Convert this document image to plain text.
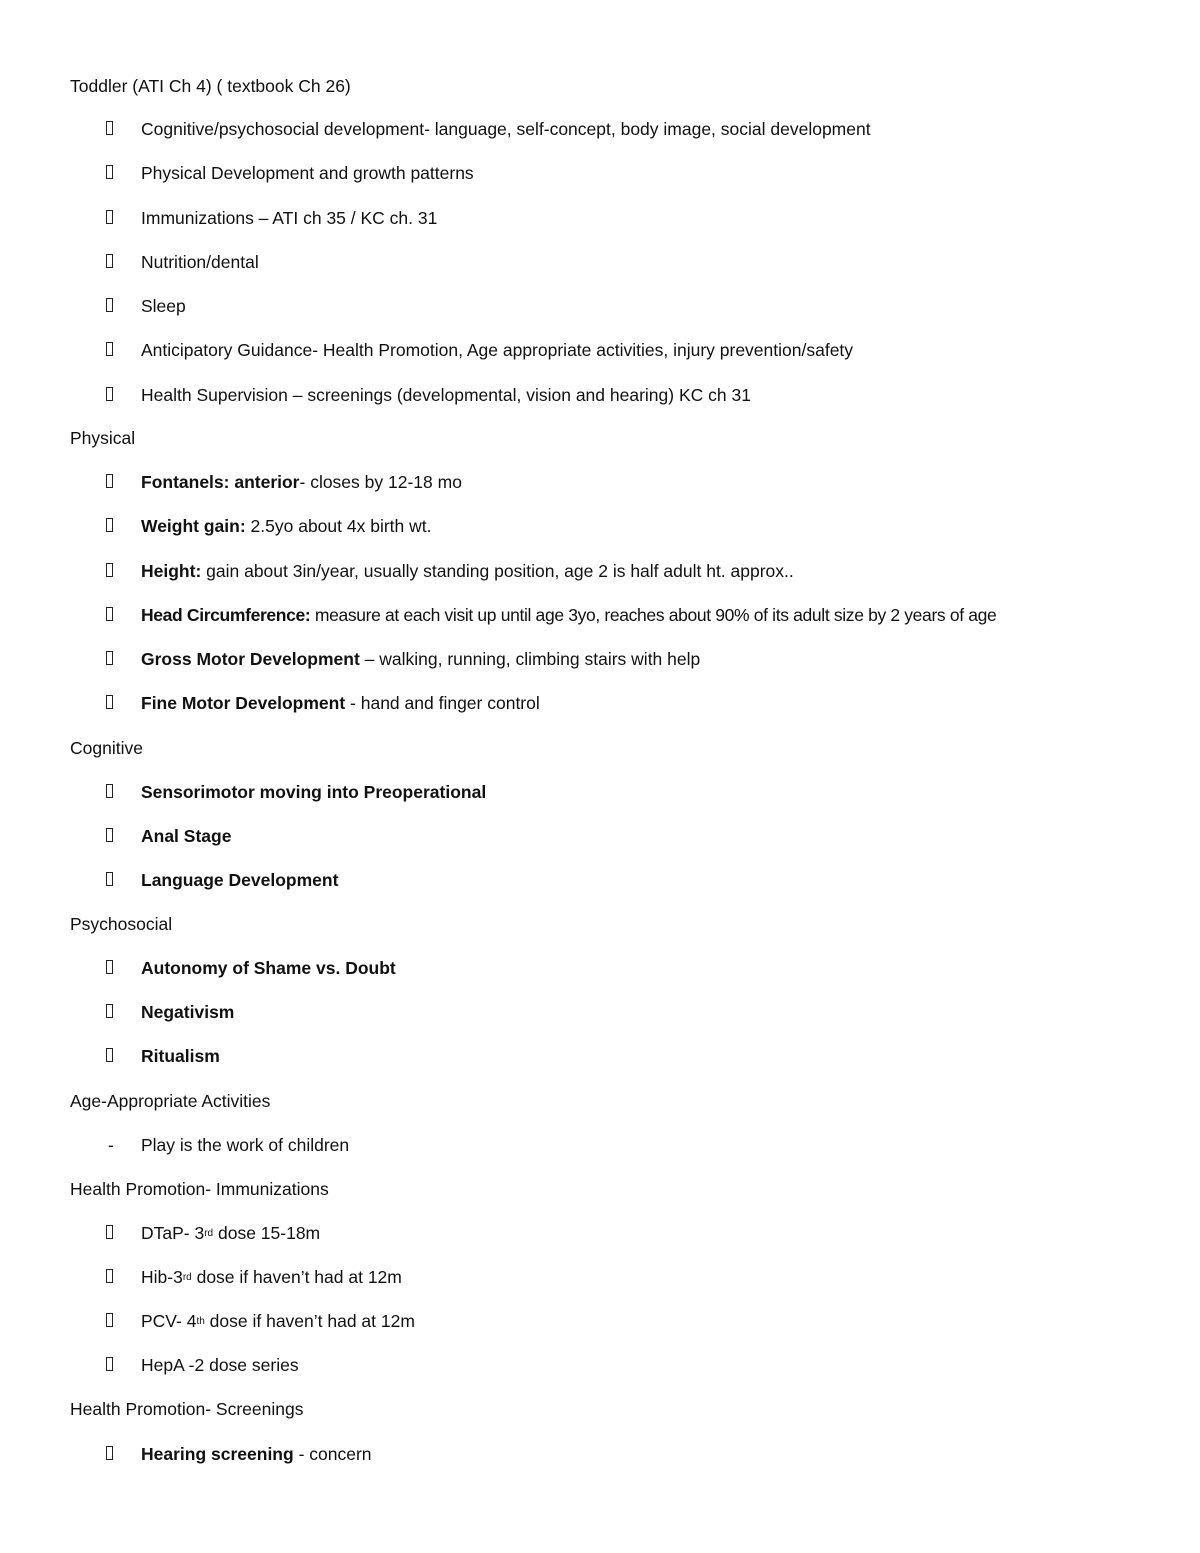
Toddler (ATI Ch 4) ( textbook Ch 26)
Cognitive/psychosocial development- language, self-concept, body image, social development
Physical Development and growth patterns
Immunizations – ATI ch 35 / KC ch. 31
Nutrition/dental
Sleep
Anticipatory Guidance- Health Promotion, Age appropriate activities, injury prevention/safety
Health Supervision – screenings (developmental, vision and hearing) KC ch 31
Physical
Fontanels: anterior- closes by 12-18 mo
Weight gain: 2.5yo about 4x birth wt.
Height: gain about 3in/year, usually standing position, age 2 is half adult ht. approx..
Head Circumference: measure at each visit up until age 3yo, reaches about 90% of its adult size by 2 years of age
Gross Motor Development – walking, running, climbing stairs with help
Fine Motor Development - hand and finger control
Cognitive
Sensorimotor moving into Preoperational
Anal Stage
Language Development
Psychosocial
Autonomy of Shame vs. Doubt
Negativism
Ritualism
Age-Appropriate Activities
- Play is the work of children
Health Promotion- Immunizations
DTaP- 3rd dose 15-18m
Hib-3rd dose if haven’t had at 12m
PCV- 4th dose if haven’t had at 12m
HepA -2 dose series
Health Promotion- Screenings
Hearing screening - concern
